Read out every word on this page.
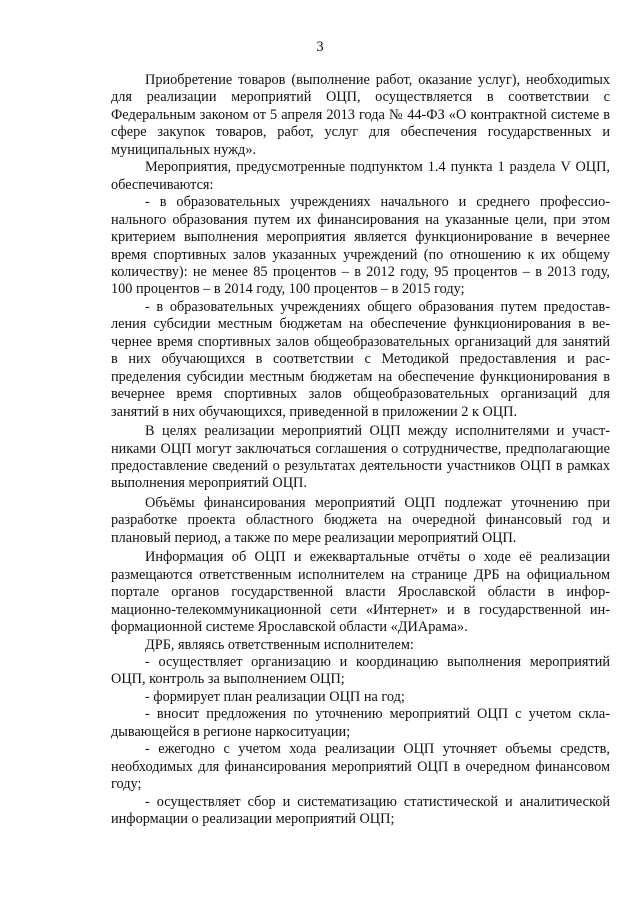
3

Приобретение товаров (выполнение работ, оказание услуг), необходиmых для реализации мероприятий ОЦП, осуществляется в соответствии с Федеральным законом от 5 апреля 2013 года № 44-ФЗ «О контрактной системе в сфере закупок товаров, работ, услуг для обеспечения государственных и муниципальных нужд».

Мероприятия, предусмотренные подпунктом 1.4 пункта 1 раздела V ОЦП, обеспечиваются:

- в образовательных учреждениях начального и среднего профессионального образования путем их финансирования на указанные цели, при этом критерием выполнения мероприятия является функционирование в вечернее время спортивных залов указанных учреждений (по отношению к их общему количеству): не менее 85 процентов – в 2012 году, 95 процентов – в 2013 году, 100 процентов – в 2014 году, 100 процентов – в 2015 году;

- в образовательных учреждениях общего образования путем предоставления субсидии местным бюджетам на обеспечение функционирования в вечернее время спортивных залов общеобразовательных организаций для занятий в них обучающихся в соответствии с Методикой предоставления и распределения субсидии местным бюджетам на обеспечение функционирования в вечернее время спортивных залов общеобразовательных организаций для занятий в них обучающихся, приведенной в приложении 2 к ОЦП.

В целях реализации мероприятий ОЦП между исполнителями и участниками ОЦП могут заключаться соглашения о сотрудничестве, предполагающие предоставление сведений о результатах деятельности участников ОЦП в рамках выполнения мероприятий ОЦП.

Объёмы финансирования мероприятий ОЦП подлежат уточнению при разработке проекта областного бюджета на очередной финансовый год и плановый период, а также по мере реализации мероприятий ОЦП.

Информация об ОЦП и ежеквартальные отчёты о ходе её реализации размещаются ответственным исполнителем на странице ДРБ на официальном портале органов государственной власти Ярославской области в информационно-телекоммуникационной сети «Интернет» и в государственной информационной системе Ярославской области «ДИАрама».

ДРБ, являясь ответственным исполнителем:

- осуществляет организацию и координацию выполнения мероприятий ОЦП, контроль за выполнением ОЦП;

- формирует план реализации ОЦП на год;

- вносит предложения по уточнению мероприятий ОЦП с учетом складывающейся в регионе наркоситуации;

- ежегодно с учетом хода реализации ОЦП уточняет объемы средств, необходимых для финансирования мероприятий ОЦП в очередном финансовом году;

- осуществляет сбор и систематизацию статистической и аналитической информации о реализации мероприятий ОЦП;
